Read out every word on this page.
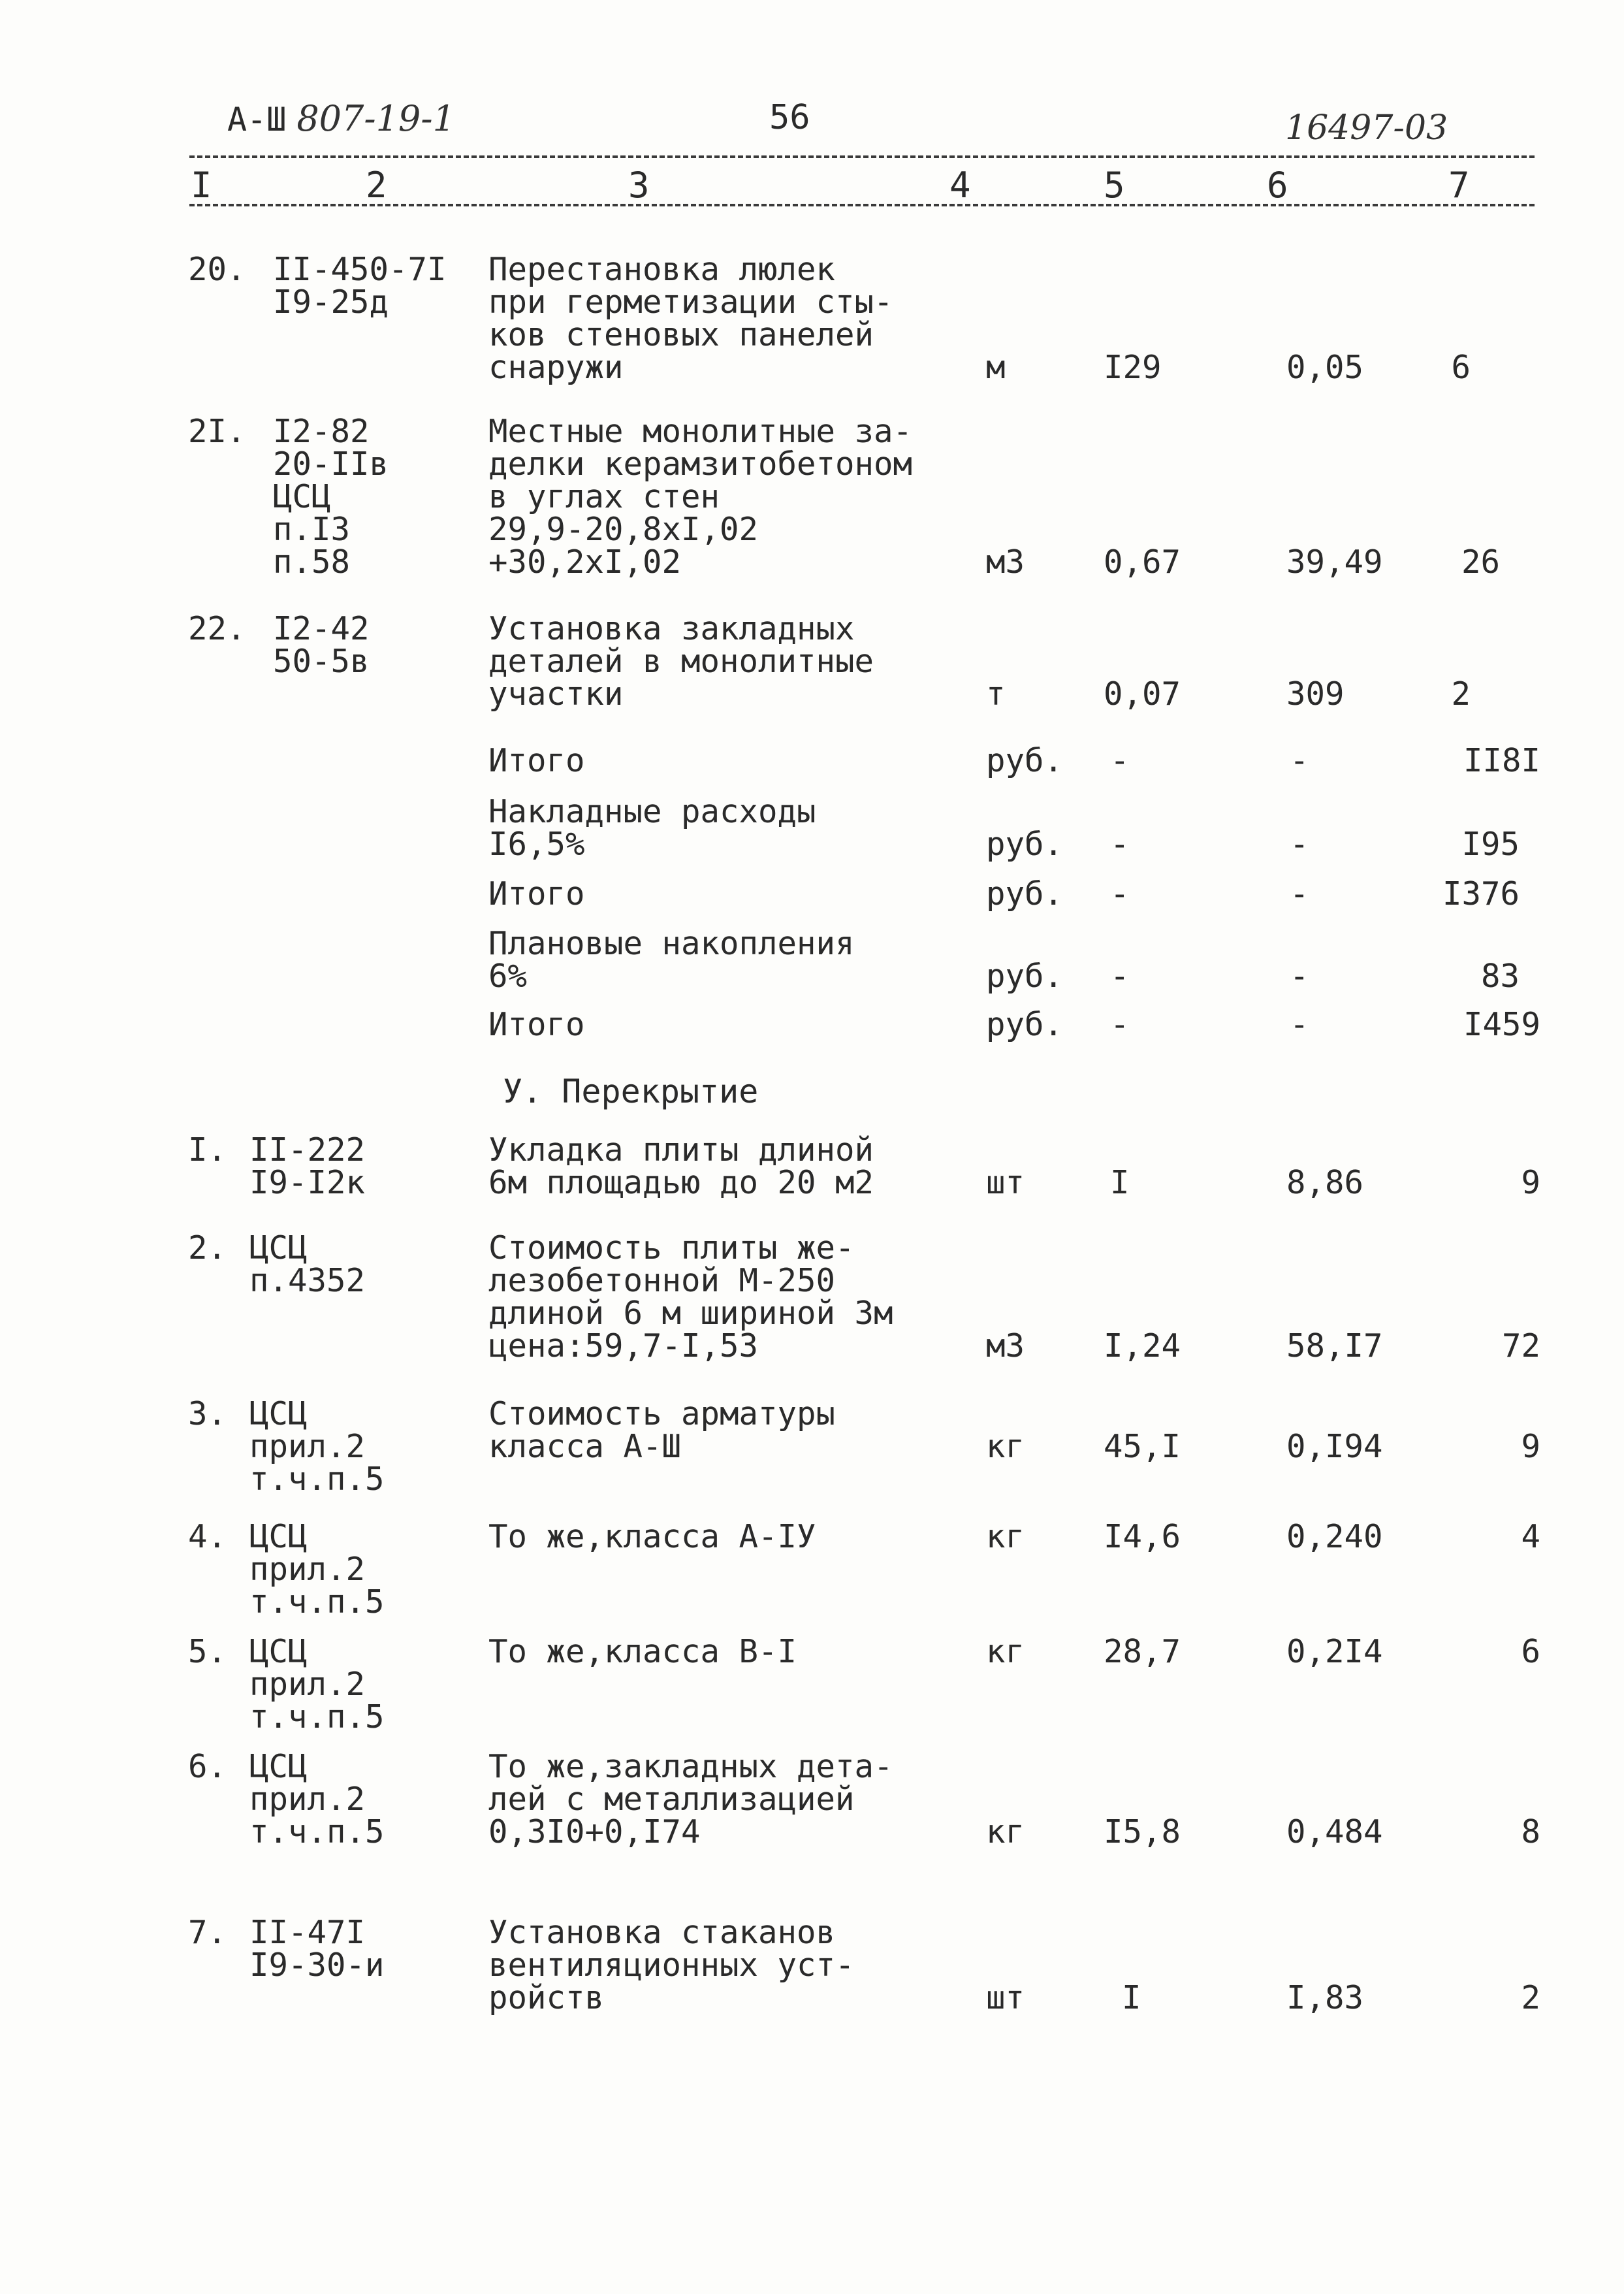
А-Ш 807-19-1	56	16497-03
I	2	3	4	5	6	7
20. II-450-7I
I9-25д
Перестановка люлек
при герметизации сты-
ков стеновых панелей
снаружи	м	I29	0,05	6
2I. I2-82
20-IIв
ЦСЦ
п.I3
п.58
Местные монолитные за-
делки керамзитобетоном
в углах стен
29,9-20,8хI,02
+30,2хI,02	м3 0,67	39,49 26
22. I2-42
50-5в
Установка закладных
деталей в монолитные
участки	т	0,07	309	2
Итого	руб. -	-	II8I
Накладные расходы
I6,5%	руб. -	-	I95
Итого	руб. -	-	I376
Плановые накопления
6%	руб. -	-	83
Итого	руб. -	-	I459
У. Перекрытие
I. II-222
I9-I2к
Укладка плиты длиной
6м площадью до 20 м2	шт	I	8,86	9
2. ЦСЦ
п.4352
Стоимость плиты же-
лезобетонной М-250
длиной 6 м шириной 3м
цена:59,7-I,53	м3 I,24	58,I7	72
3. ЦСЦ
прил.2
т.ч.п.5
Стоимость арматуры
класса А-Ш	кг 45,I	0,I94	9
4. ЦСЦ
прил.2
т.ч.п.5
То же,класса А-IУ	кг I4,6	0,240	4
5. ЦСЦ
прил.2
т.ч.п.5
То же,класса В-I	кг 28,7	0,2I4	6
6. ЦСЦ
прил.2
т.ч.п.5
То же,закладных дета-
лей с металлизацией
0,3I0+0,I74	кг I5,8	0,484	8
7. II-47I
I9-30-и
Установка стаканов
вентиляционных уст-
ройств	шт	I	I,83	2
